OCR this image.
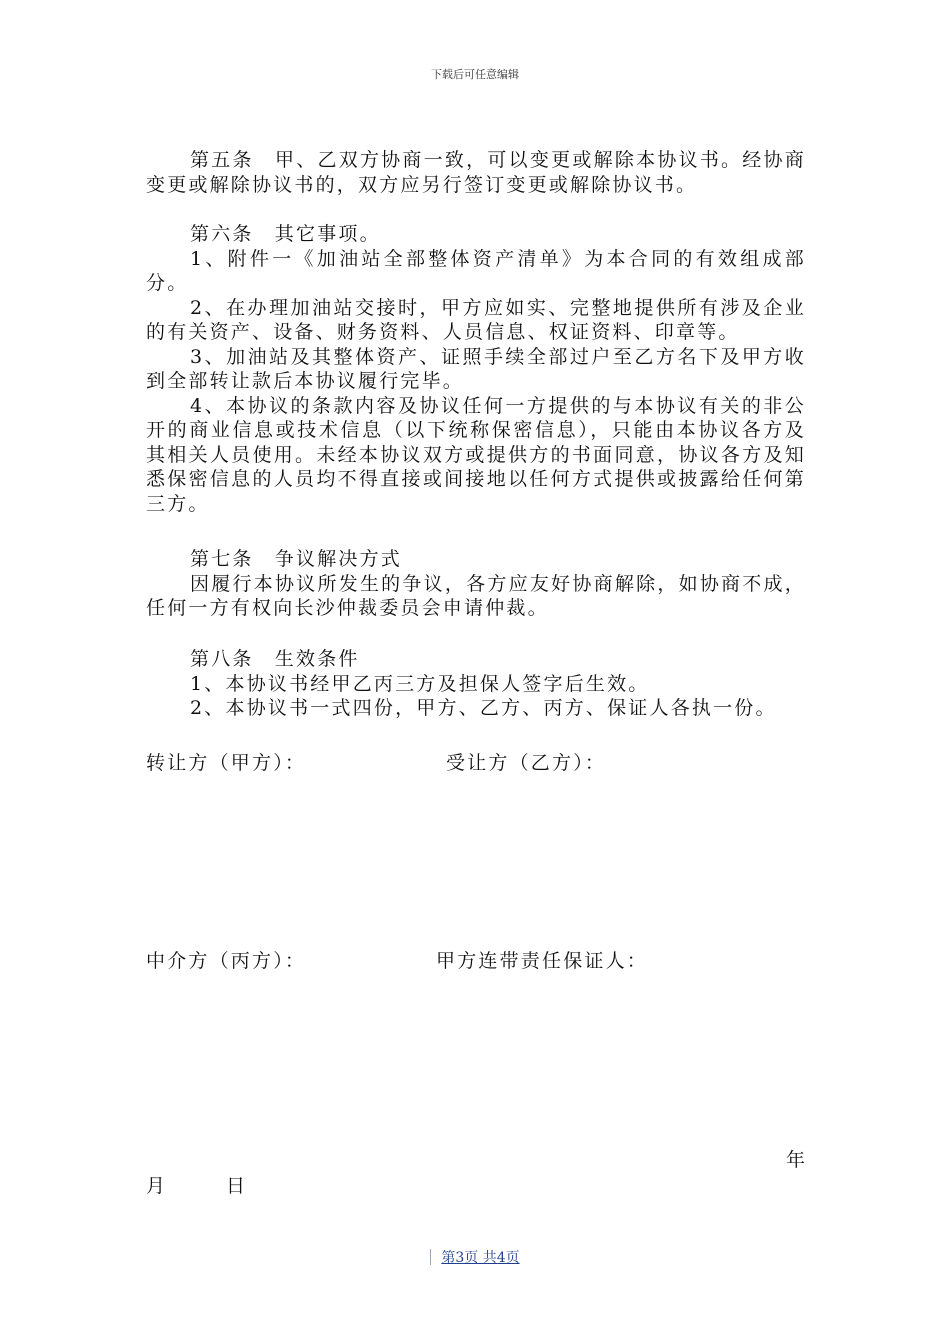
下载后可任意编辑

第五条　甲、乙双方协商一致，可以变更或解除本协议书。经协商变更或解除协议书的，双方应另行签订变更或解除协议书。

第六条　其它事项。

1、附件一《加油站全部整体资产清单》为本合同的有效组成部分。

2、在办理加油站交接时，甲方应如实、完整地提供所有涉及企业的有关资产、设备、财务资料、人员信息、权证资料、印章等。

3、加油站及其整体资产、证照手续全部过户至乙方名下及甲方收到全部转让款后本协议履行完毕。

4、本协议的条款内容及协议任何一方提供的与本协议有关的非公开的商业信息或技术信息（以下统称保密信息），只能由本协议各方及其相关人员使用。未经本协议双方或提供方的书面同意，协议各方及知悉保密信息的人员均不得直接或间接地以任何方式提供或披露给任何第三方。

第七条　争议解决方式

因履行本协议所发生的争议，各方应友好协商解除，如协商不成，任何一方有权向长沙仲裁委员会申请仲裁。

第八条　生效条件

1、本协议书经甲乙丙三方及担保人签字后生效。

2、本协议书一式四份，甲方、乙方、丙方、保证人各执一份。

转让方（甲方）：	受让方（乙方）：
中介方（丙方）：	甲方连带责任保证人：
年
月	日
第3页 共4页
